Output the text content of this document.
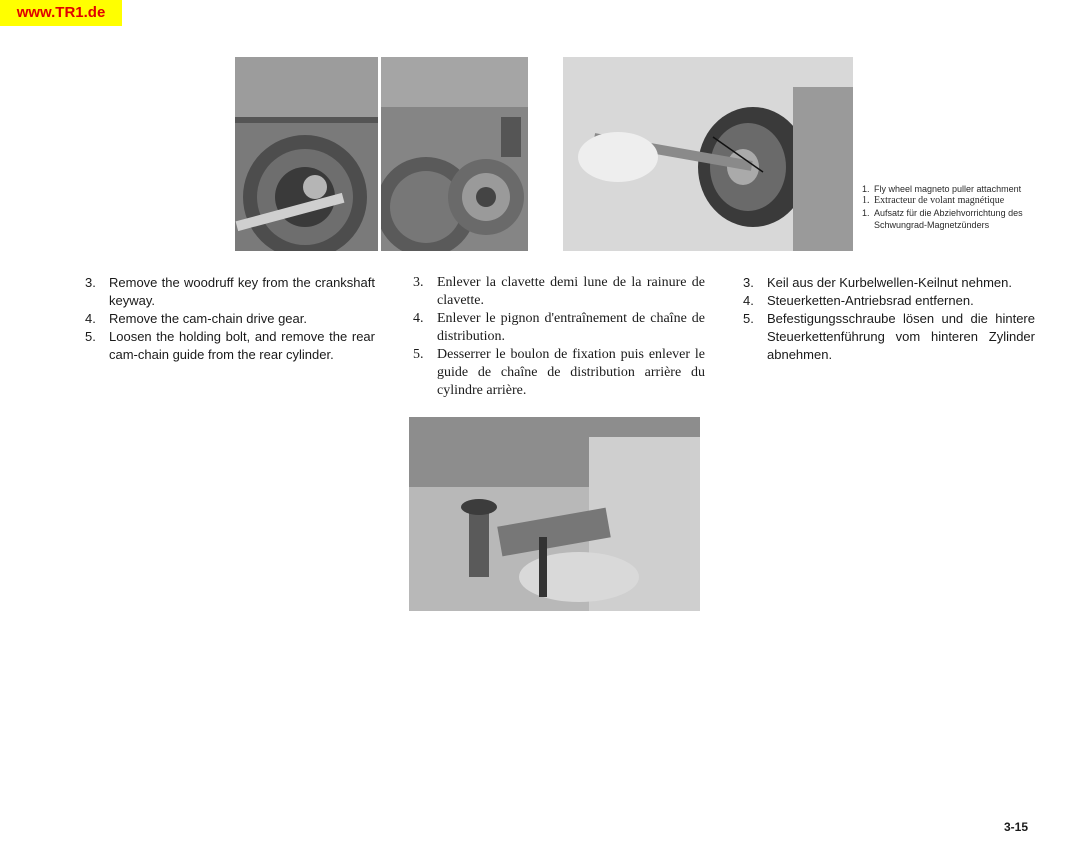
www.TR1.de
1. Fly wheel magneto puller attachment
1. Extracteur de volant magnétique
1. Aufsatz für die Abziehvorrichtung des Schwungrad-Magnetzünders
3.	Remove the woodruff key from the crankshaft keyway.
4.	Remove the cam-chain drive gear.
5.	Loosen the holding bolt, and remove the rear cam-chain guide from the rear cylinder.
3. Enlever la clavette demi lune de la rainure de clavette.
4. Enlever le pignon d'entraînement de chaîne de distribution.
5. Desserrer le boulon de fixation puis enlever le guide de chaîne de distribution arrière du cylindre arrière.
3.	Keil aus der Kurbelwellen-Keilnut nehmen.
4.	Steuerketten-Antriebsrad entfernen.
5.	Befestigungsschraube lösen und die hintere Steuerkettenführung vom hinteren Zylinder abnehmen.
3-15
